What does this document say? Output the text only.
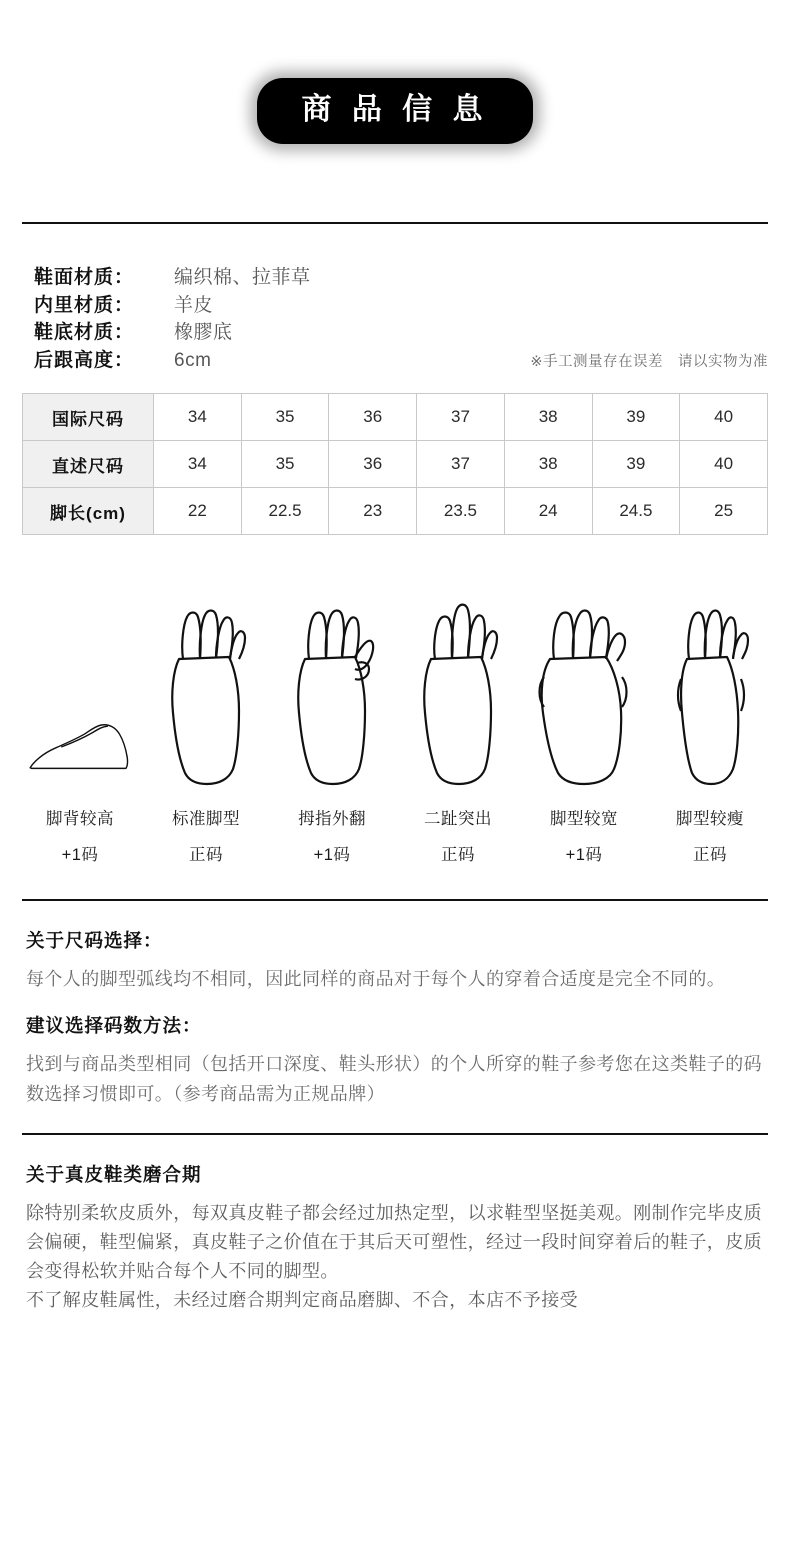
商 品 信 息
鞋面材质：	编织棉、拉菲草
内里材质：	羊皮
鞋底材质：	橡膠底
后跟高度：	6cm	※手工测量存在误差　请以实物为准
国际尺码	34	35	36	37	38	39	40
直述尺码	34	35	36	37	38	39	40
脚长(cm)	22	22.5	23	23.5	24	24.5	25
脚背较高
+1码
标准脚型
正码
拇指外翻
+1码
二趾突出
正码
脚型较宽
+1码
脚型较瘦
正码
关于尺码选择：
每个人的脚型弧线均不相同，因此同样的商品对于每个人的穿着合适度是完全不同的。
建议选择码数方法：
找到与商品类型相同（包括开口深度、鞋头形状）的个人所穿的鞋子参考您在这类鞋子的码数选择习惯即可。（参考商品需为正规品牌）
关于真皮鞋类磨合期
除特别柔软皮质外，每双真皮鞋子都会经过加热定型，以求鞋型坚挺美观。刚制作完毕皮质会偏硬，鞋型偏紧，真皮鞋子之价值在于其后天可塑性，经过一段时间穿着后的鞋子，皮质会变得松软并贴合每个人不同的脚型。
不了解皮鞋属性，未经过磨合期判定商品磨脚、不合，本店不予接受
